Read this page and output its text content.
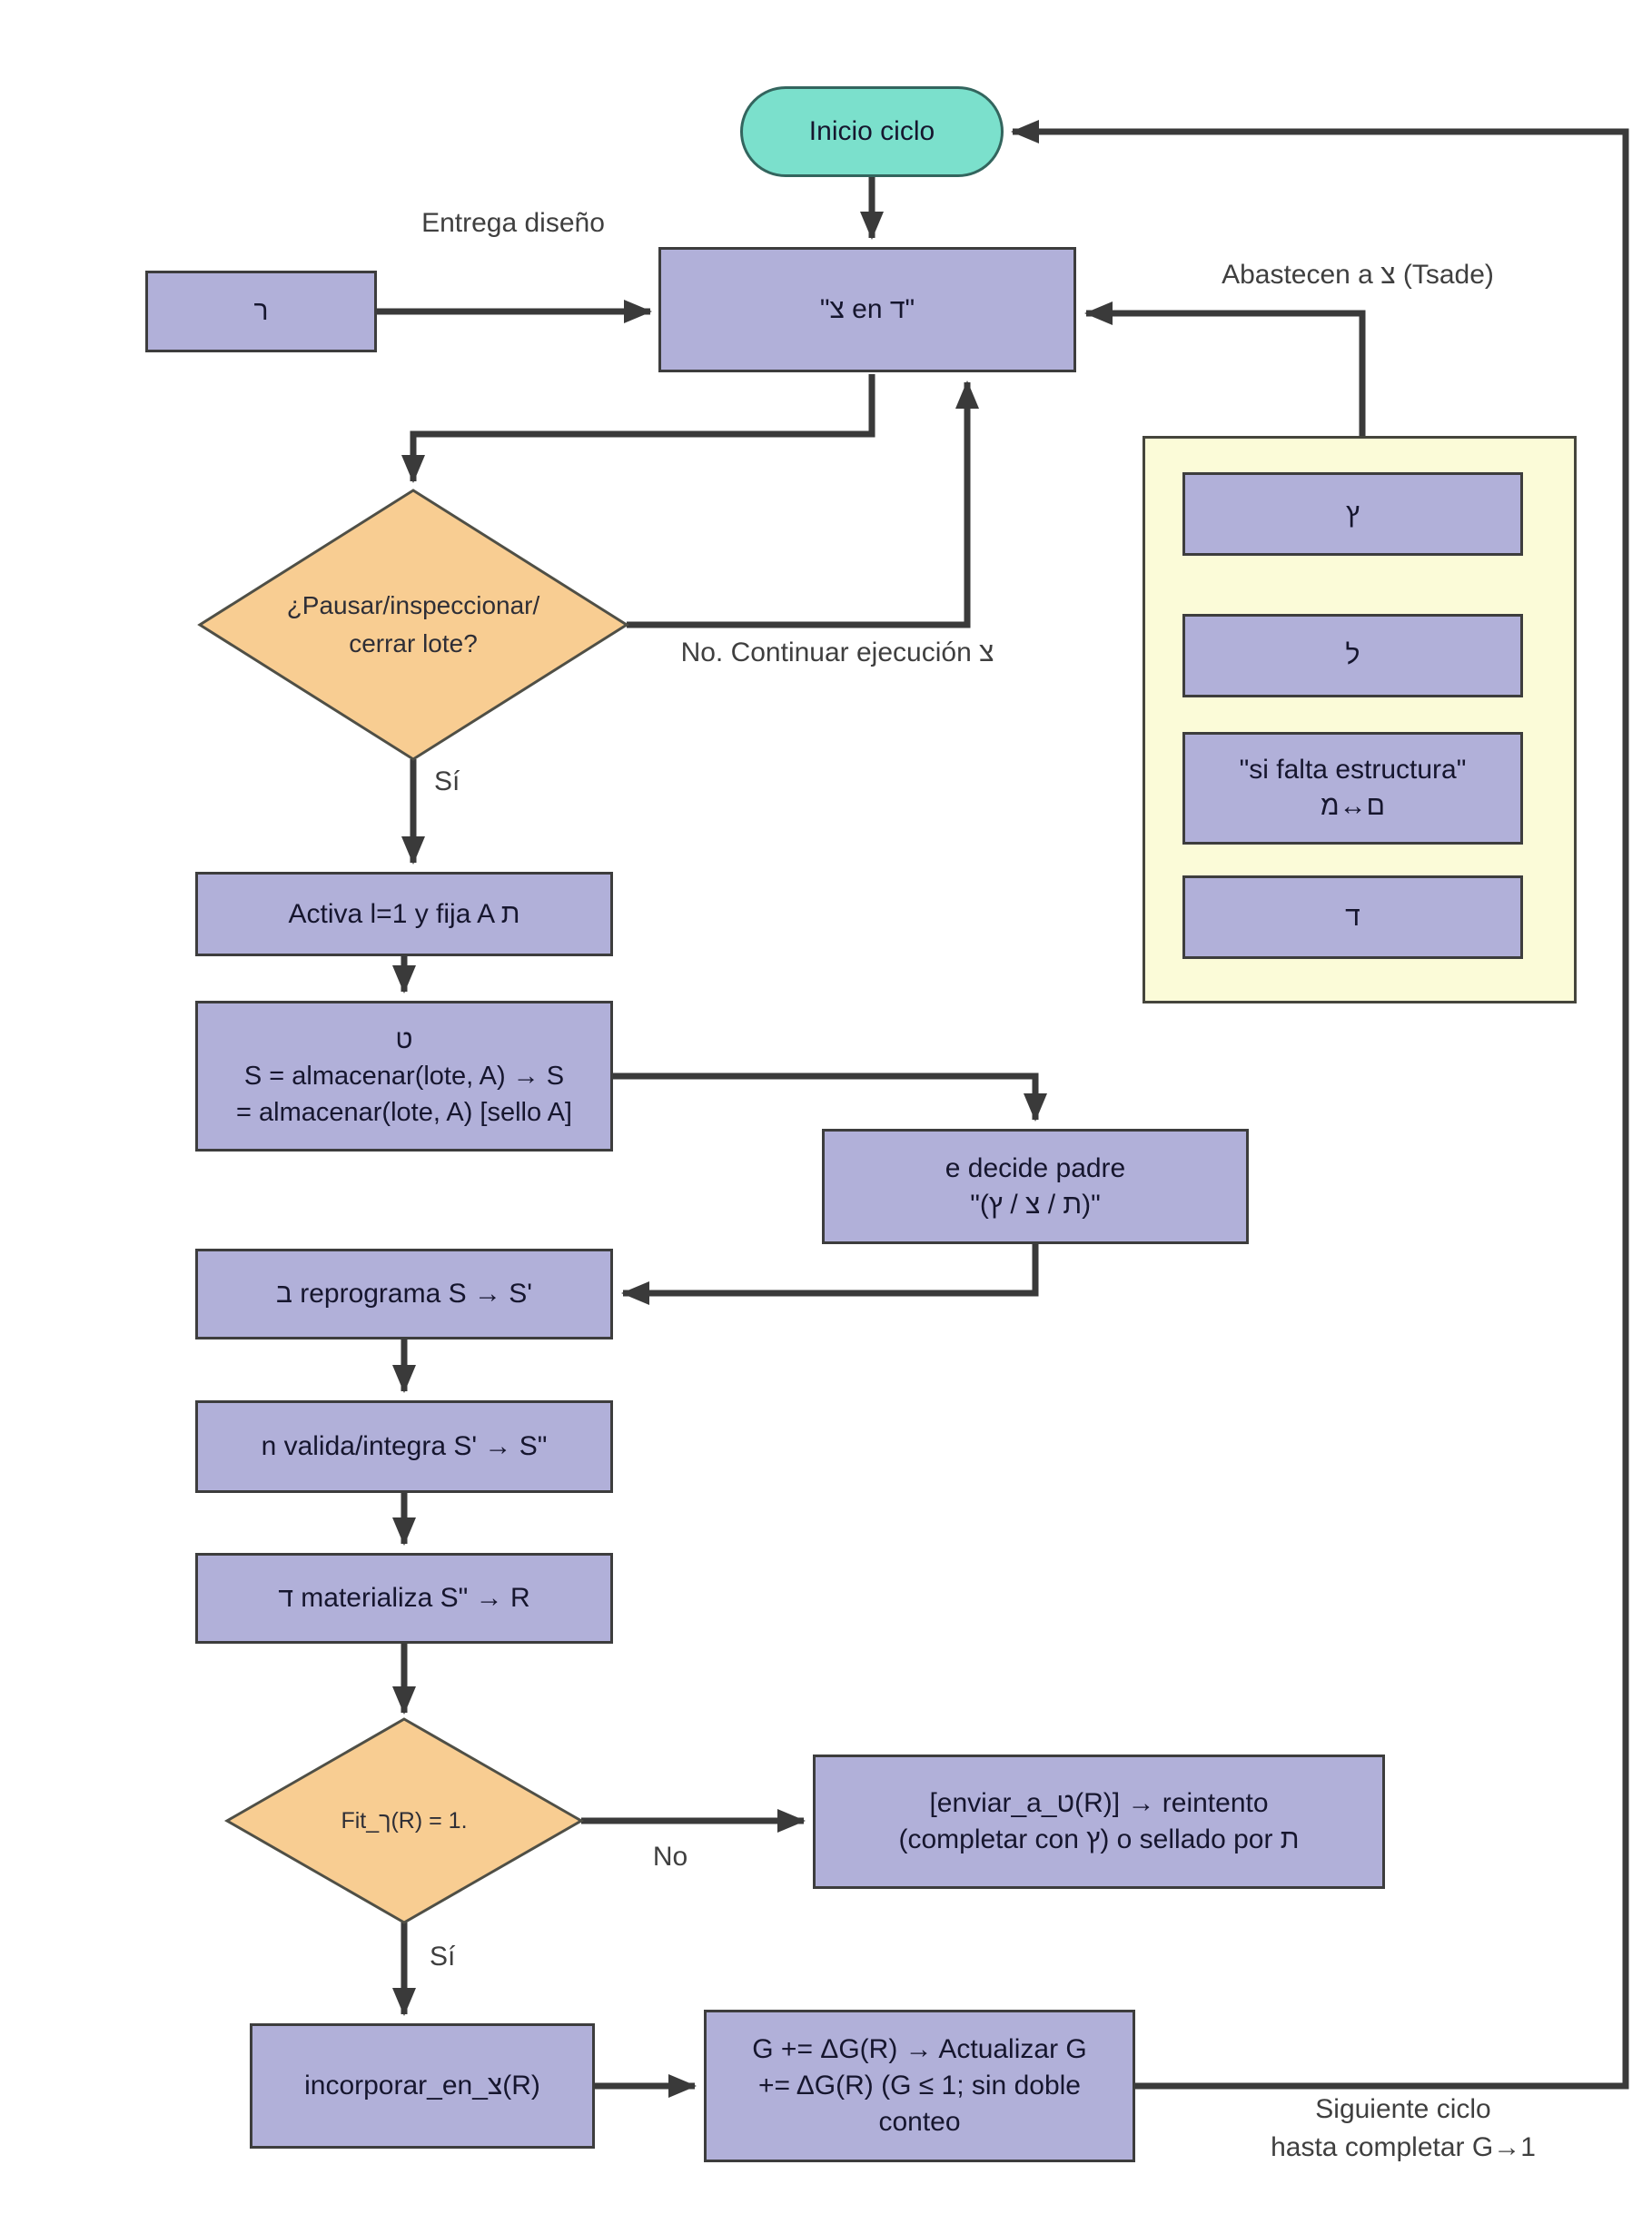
Inicio ciclo
ר	"צ en ד"
Activa l=1 y fija A ת
ט
S = almacenar(lote, A) → S
= almacenar(lote, A) [sello A]
e decide padre
"(ץ / צ / ת)"
ב reprograma S → S'
n valida/integra S' → S"
ד materializa S" → R
[enviar_a_ט(R)] → reintento
(completar con ץ) o sellado por ת
incorporar_en_צ(R)
G += ΔG(R) → Actualizar G
+= ΔG(R) (G ≤ 1; sin doble
conteo
¿Pausar/inspeccionar/
cerrar lote?
Fit_ך(R) = 1.
ץ
ל
"si falta estructura"
מ↔ם
ד
Entrega diseño
Abastecen a צ (Tsade)
No. Continuar ejecución צ
Sí
No
Sí
Siguiente ciclo
hasta completar G→1
